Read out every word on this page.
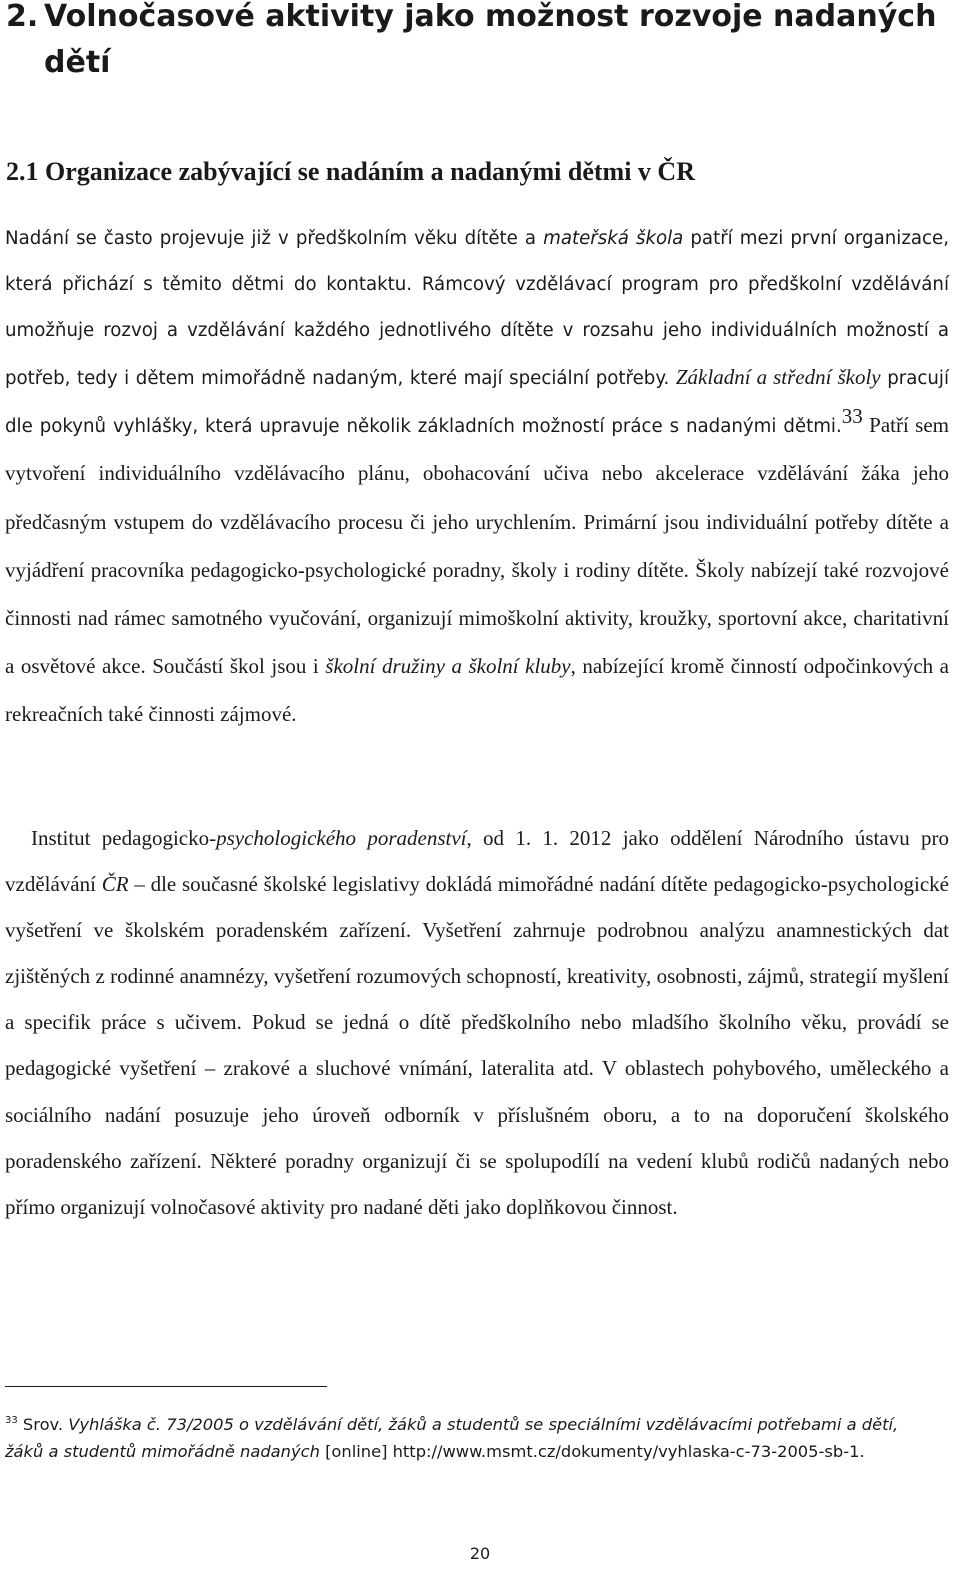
2. Volnočasové aktivity jako možnost rozvoje nadaných
dětí
2.1 Organizace zabývající se nadáním a nadanými dětmi v ČR
Nadání se často projevuje již v předškolním věku dítěte a mateřská škola patří mezi první organizace, která přichází s těmito dětmi do kontaktu. Rámcový vzdělávací program pro předškolní vzdělávání umožňuje rozvoj a vzdělávání každého jednotlivého dítěte v rozsahu jeho individuálních možností a potřeb, tedy i dětem mimořádně nadaným, které mají speciální potřeby. Základní a střední školy pracují dle pokynů vyhlášky, která upravuje několik základních možností práce s nadanými dětmi.$^{33}$ Patří sem vytvoření individuálního vzdělávacího plánu, obohacování učiva nebo akcelerace vzdělávání žáka jeho předčasným vstupem do vzdělávacího procesu či jeho urychlením. Primární jsou individuální potřeby dítěte a vyjádření pracovníka pedagogicko-psychologické poradny, školy i rodiny dítěte. Školy nabízejí také rozvojové činnosti nad rámec samotného vyučování, organizují mimoškolní aktivity, kroužky, sportovní akce, charitativní a osvětové akce. Součástí škol jsou i školní družiny a školní kluby, nabízející kromě činností odpočinkových a rekreačních také činnosti zájmové.
Institut pedagogicko-psychologického poradenství, od 1. 1. 2012 jako oddělení Národního ústavu pro vzdělávání ČR – dle současné školské legislativy dokládá mimořádné nadání dítěte pedagogicko-psychologické vyšetření ve školském poradenském zařízení. Vyšetření zahrnuje podrobnou analýzu anamnestických dat zjištěných z rodinné anamnézy, vyšetření rozumových schopností, kreativity, osobnosti, zájmů, strategií myšlení a specifik práce s učivem. Pokud se jedná o dítě předškolního nebo mladšího školního věku, provádí se pedagogické vyšetření – zrakové a sluchové vnímání, lateralita atd. V oblastech pohybového, uměleckého a sociálního nadání posuzuje jeho úroveň odborník v příslušném oboru, a to na doporučení školského poradenského zařízení. Některé poradny organizují či se spolupodílí na vedení klubů rodičů nadaných nebo přímo organizují volnočasové aktivity pro nadané děti jako doplňkovou činnost.
$^{33}$ Srov. Vyhláška č. 73/2005 o vzdělávání dětí, žáků a studentů se speciálními vzdělávacími potřebami a dětí, žáků a studentů mimořádně nadaných [online] http://www.msmt.cz/dokumenty/vyhlaska-c-73-2005-sb-1.
20
